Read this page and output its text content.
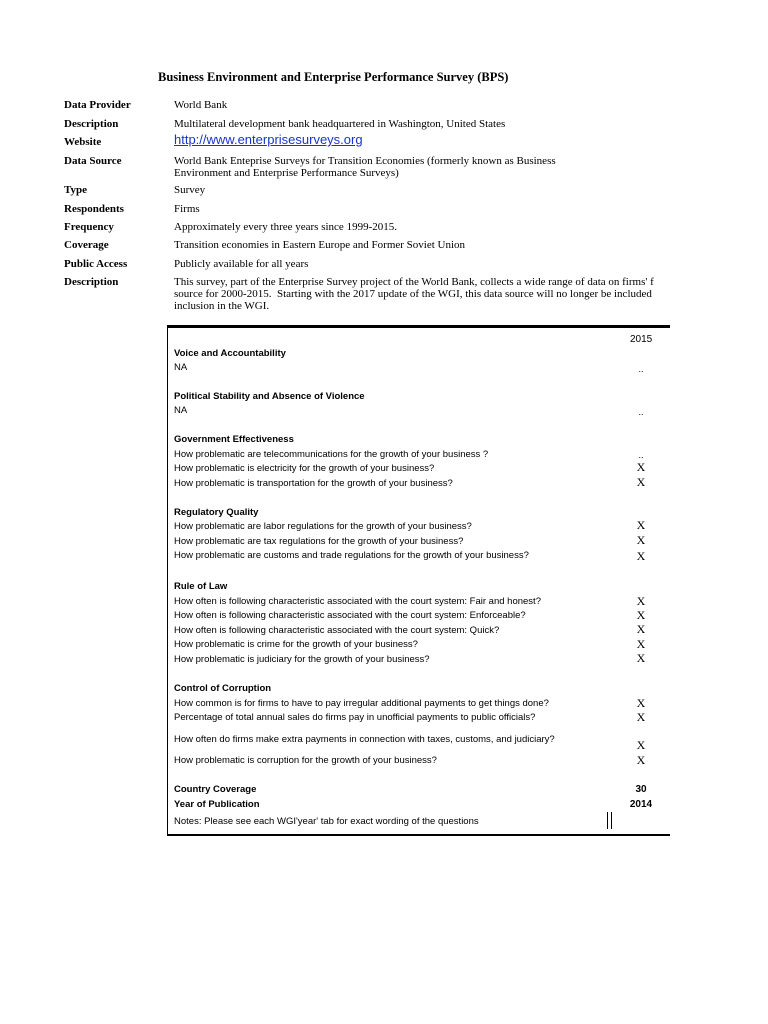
Business Environment and Enterprise Performance Survey (BPS)
Data Provider	World Bank
Description	Multilateral development bank headquartered in Washington, United States
Website	http://www.enterprisesurveys.org
Data Source	World Bank Enteprise Surveys for Transition Economies (formerly known as Business
Environment and Enterprise Performance Surveys)
Type	Survey
Respondents	Firms
Frequency	Approximately every three years since 1999-2015.
Coverage	Transition economies in Eastern Europe and Former Soviet Union
Public Access	Publicly available for all years
Description	This survey, part of the Enterprise Survey project of the World Bank, collects a wide range of data on firms' f
source for 2000-2015.  Starting with the 2017 update of the WGI, this data source will no longer be included
inclusion in the WGI.
2015
Voice and Accountability
NA	..
Political Stability and Absence of Violence
NA	..
Government Effectiveness
How problematic are telecommunications for the growth of your business ?	..
How problematic is electricity for the growth of your business?	X
How problematic is transportation for the growth of your business?	X
Regulatory Quality
How problematic are labor regulations for the growth of your business?	X
How problematic are tax regulations for the growth of your business?	X
How problematic are customs and trade regulations for the growth of your business?	X
Rule of Law
How often is following characteristic associated with the court system: Fair and honest?	X
How often is following characteristic associated with the court system: Enforceable?	X
How often is following characteristic associated with the court system: Quick?	X
How problematic is crime for the growth of your business?	X
How problematic is judiciary for the growth of your business?	X
Control of Corruption
How common is for firms to have to pay irregular additional payments to get things done?	X
Percentage of total annual sales do firms pay in unofficial payments to public officials?	X
How often do firms make extra payments in connection with taxes, customs, and judiciary?	X
How problematic is corruption for the growth of your business?	X
Country Coverage	30
Year of Publication	2014
Notes: Please see each WGI'year' tab for exact wording of the questions
